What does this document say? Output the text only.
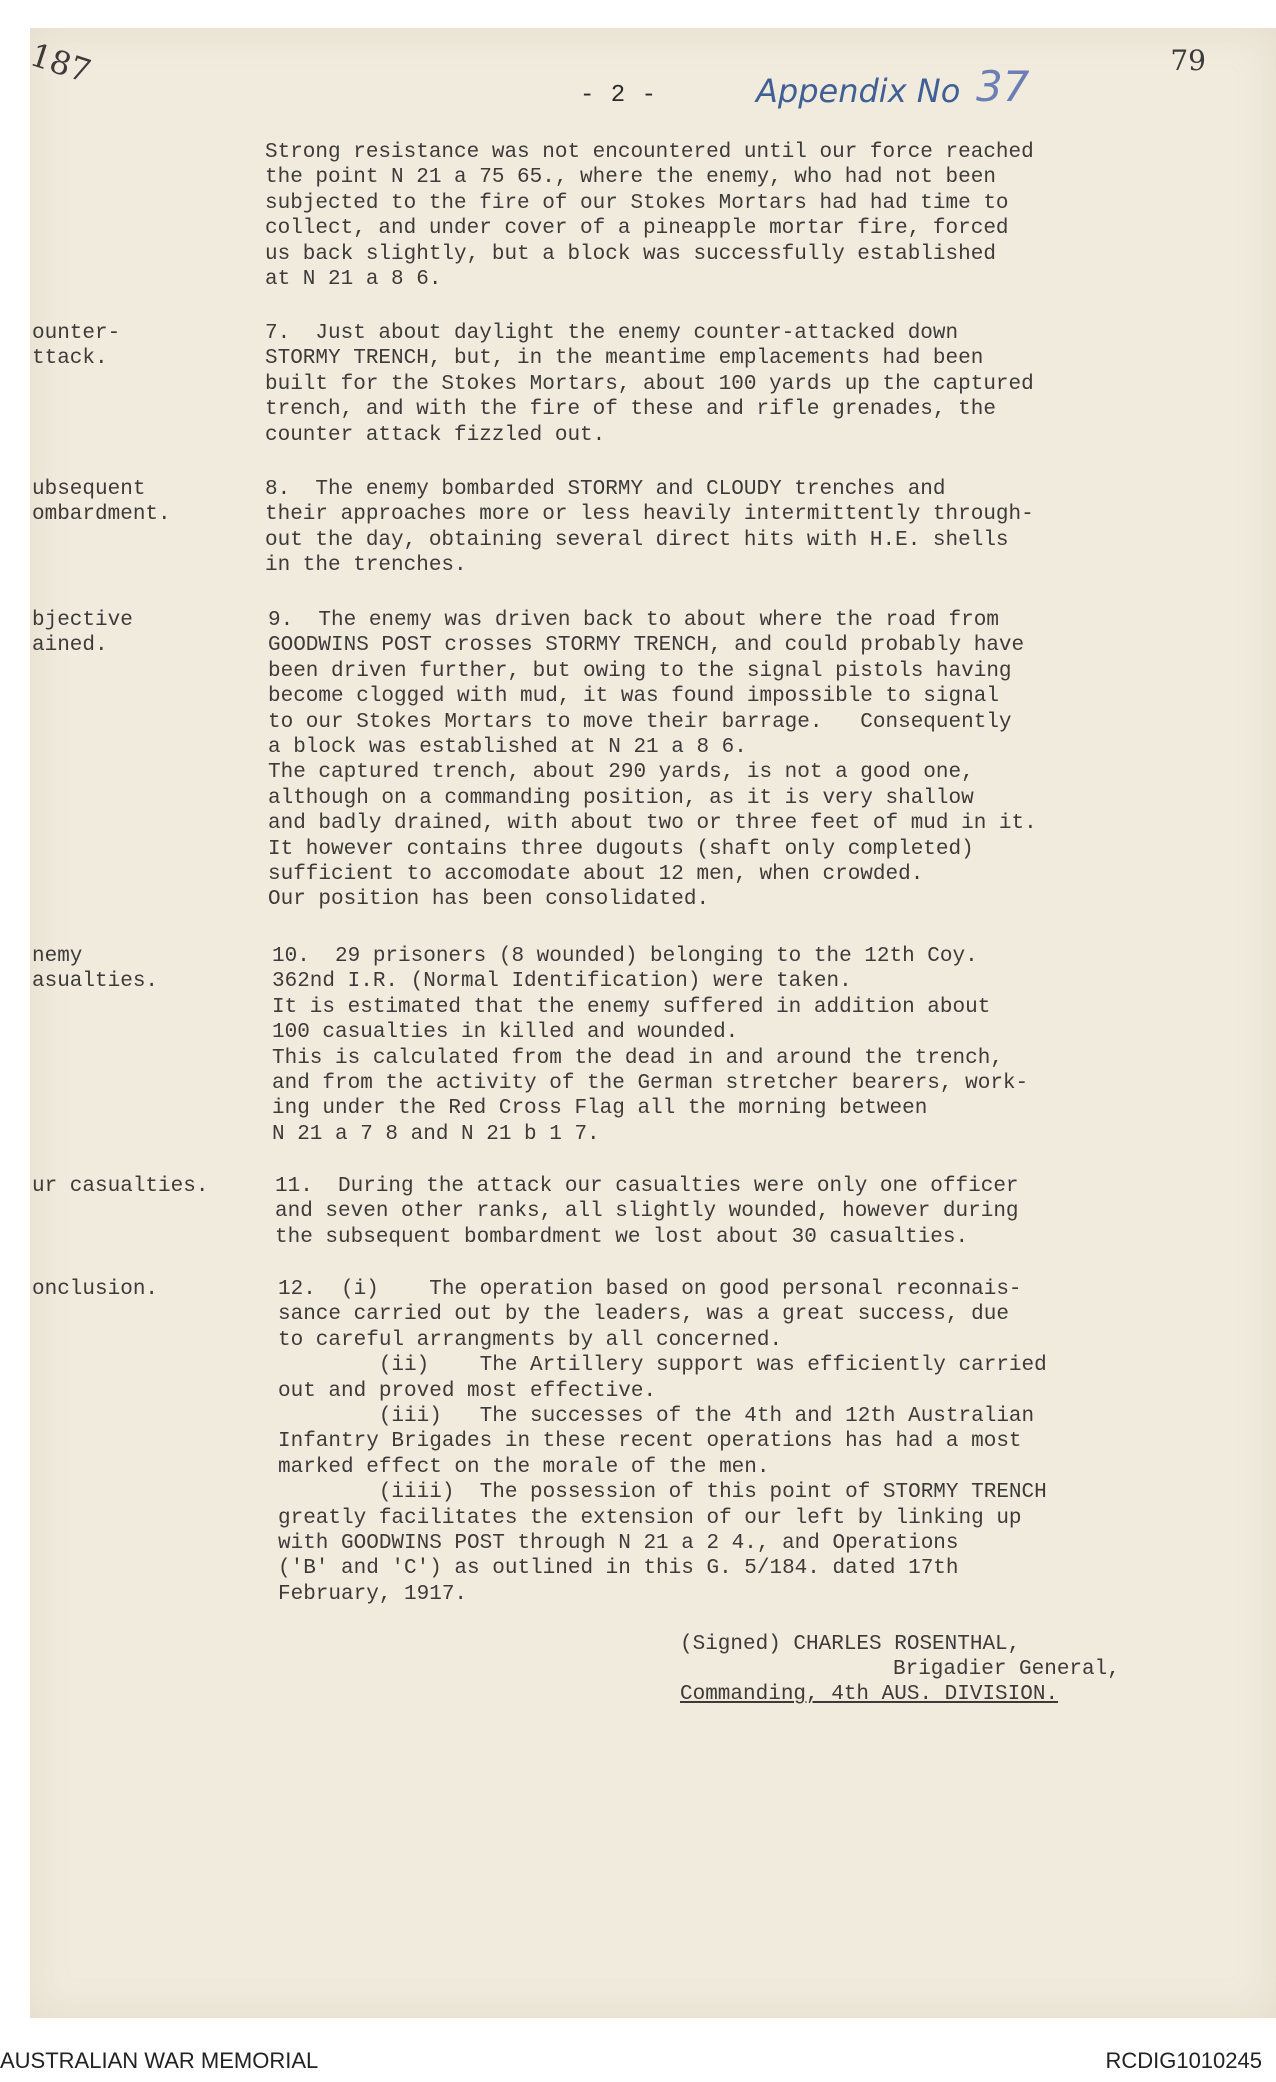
187	79
- 2 -	Appendix No 37
Strong resistance was not encountered until our force reached
the point N 21 a 75 65., where the enemy, who had not been
subjected to the fire of our Stokes Mortars had had time to
collect, and under cover of a pineapple mortar fire, forced
us back slightly, but a block was successfully established
at N 21 a 8 6.
ounter-
ttack.
7.  Just about daylight the enemy counter-attacked down
STORMY TRENCH, but, in the meantime emplacements had been
built for the Stokes Mortars, about 100 yards up the captured
trench, and with the fire of these and rifle grenades, the
counter attack fizzled out.
ubsequent
ombardment.
8.  The enemy bombarded STORMY and CLOUDY trenches and
their approaches more or less heavily intermittently through-
out the day, obtaining several direct hits with H.E. shells
in the trenches.
bjective
ained.
9.  The enemy was driven back to about where the road from
GOODWINS POST crosses STORMY TRENCH, and could probably have
been driven further, but owing to the signal pistols having
become clogged with mud, it was found impossible to signal
to our Stokes Mortars to move their barrage.   Consequently
a block was established at N 21 a 8 6.
The captured trench, about 290 yards, is not a good one,
although on a commanding position, as it is very shallow
and badly drained, with about two or three feet of mud in it.
It however contains three dugouts (shaft only completed)
sufficient to accomodate about 12 men, when crowded.
Our position has been consolidated.
nemy
asualties.
10.  29 prisoners (8 wounded) belonging to the 12th Coy.
362nd I.R. (Normal Identification) were taken.
It is estimated that the enemy suffered in addition about
100 casualties in killed and wounded.
This is calculated from the dead in and around the trench,
and from the activity of the German stretcher bearers, work-
ing under the Red Cross Flag all the morning between
N 21 a 7 8 and N 21 b 1 7.
ur casualties.	11.  During the attack our casualties were only one officer
and seven other ranks, all slightly wounded, however during
the subsequent bombardment we lost about 30 casualties.
onclusion.	12.  (i)    The operation based on good personal reconnais-
sance carried out by the leaders, was a great success, due
to careful arrangments by all concerned.
(ii)    The Artillery support was efficiently carried
out and proved most effective.
(iii)   The successes of the 4th and 12th Australian
Infantry Brigades in these recent operations has had a most
marked effect on the morale of the men.
(iiii)  The possession of this point of STORMY TRENCH
greatly facilitates the extension of our left by linking up
with GOODWINS POST through N 21 a 2 4., and Operations
('B' and 'C') as outlined in this G. 5/184. dated 17th
February, 1917.
(Signed) CHARLES ROSENTHAL,
Brigadier General,
Commanding, 4th AUS. DIVISION.
AUSTRALIAN WAR MEMORIAL	RCDIG1010245
